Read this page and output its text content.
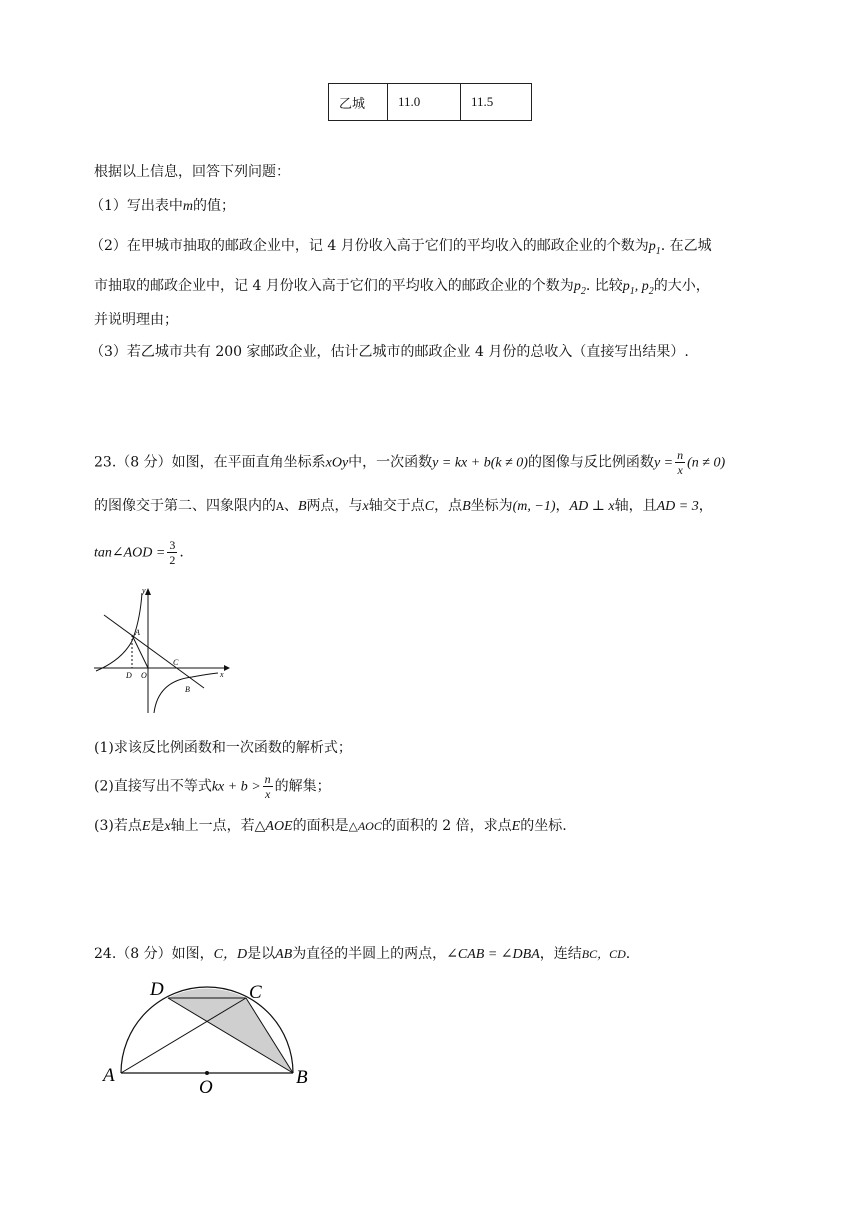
乙城	11.0	11.5
根据以上信息，回答下列问题：
（1）写出表中m的值；
（2）在甲城市抽取的邮政企业中，记 4 月份收入高于它们的平均收入的邮政企业的个数为$p_1$. 在乙城
市抽取的邮政企业中，记 4 月份收入高于它们的平均收入的邮政企业的个数为$p_2$. 比较$p_1$, $p_2$的大小，
并说明理由；
（3）若乙城市共有 200 家邮政企业，估计乙城市的邮政企业 4 月份的总收入（直接写出结果）.
23.（8 分）如图，在平面直角坐标系xOy中，一次函数y = kx + b(k ≠ 0)的图像与反比例函数$y = \frac{n}{x} (n \ne 0)$
的图像交于第二、四象限内的A、B两点，与x轴交于点C，点B坐标为(m, −1)，AD ⊥ x轴，且AD = 3，
tan∠AOD = $\frac{3}{2}$ .
y
x
A
C
D O
B
(1)求该反比例函数和一次函数的解析式；
(2)直接写出不等式kx + $b > \frac{n}{x}$ 的解集；
(3)若点E是x轴上一点，若△AOE的面积是△AOC的面积的 2 倍，求点E的坐标.
24.（8 分）如图，C，D是以AB为直径的半圆上的两点，∠CAB = ∠DBA，连结BC，CD.
D	C
A
O	B
